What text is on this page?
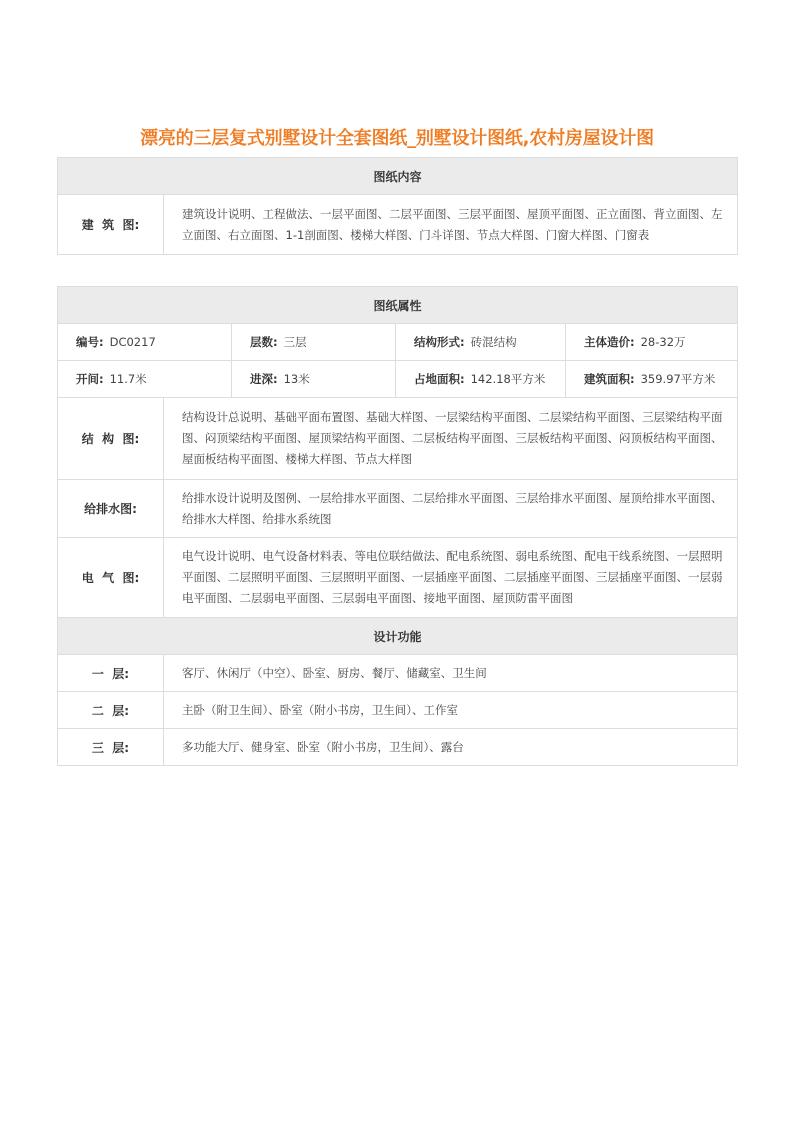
漂亮的三层复式别墅设计全套图纸_别墅设计图纸,农村房屋设计图
图纸内容
建  筑  图:	建筑设计说明、工程做法、一层平面图、二层平面图、三层平面图、屋顶平面图、正立面图、背立面图、左立面图、右立面图、1-1剖面图、楼梯大样图、门斗详图、节点大样图、门窗大样图、门窗表
图纸属性				
编号: DC0217		层数: 三层	结构形式: 砖混结构	主体造价: 28-32万
开间: 11.7米		进深: 13米	占地面积: 142.18平方米	建筑面积: 359.97平方米
结  构  图:	结构设计总说明、基础平面布置图、基础大样图、一层梁结构平面图、二层梁结构平面图、三层梁结构平面图、闷顶梁结构平面图、屋顶梁结构平面图、二层板结构平面图、三层板结构平面图、闷顶板结构平面图、屋面板结构平面图、楼梯大样图、节点大样图			
给排水图:	给排水设计说明及图例、一层给排水平面图、二层给排水平面图、三层给排水平面图、屋顶给排水平面图、给排水大样图、给排水系统图			
电  气  图:	电气设计说明、电气设备材料表、等电位联结做法、配电系统图、弱电系统图、配电干线系统图、一层照明平面图、二层照明平面图、三层照明平面图、一层插座平面图、二层插座平面图、三层插座平面图、一层弱电平面图、二层弱电平面图、三层弱电平面图、接地平面图、屋顶防雷平面图			
设计功能				
一  层:	客厅、休闲厅（中空）、卧室、厨房、餐厅、储藏室、卫生间			
二  层:	主卧（附卫生间）、卧室（附小书房，卫生间）、工作室			
三  层:	多功能大厅、健身室、卧室（附小书房，卫生间）、露台			
